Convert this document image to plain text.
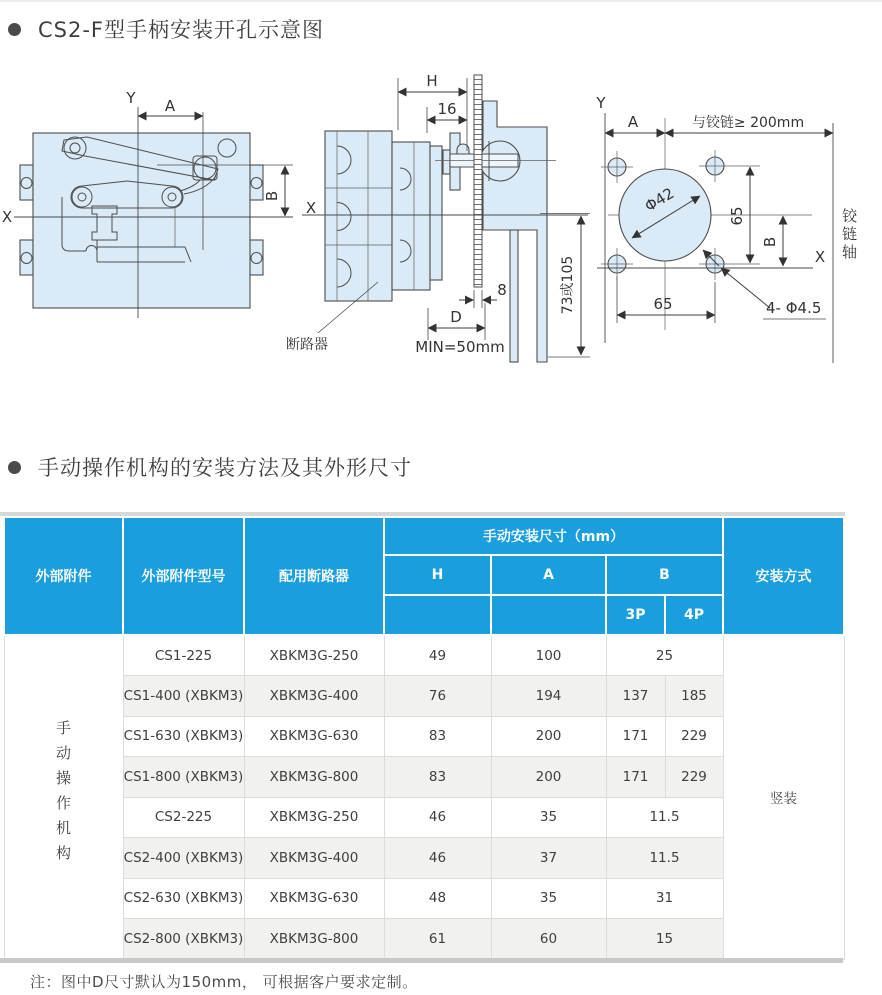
CS2-F型手柄安装开孔示意图
Y
X
A
B
X
H
16
8
D
MIN=50mm
73或105
断路器
Y
A	与铰链≥ 200mm
Φ42
65
B
X
65	4- Φ4.5
铰链轴
手动操作机构的安装方法及其外形尺寸
外部附件	外部附件型号	配用断路器	手动安装尺寸（mm）				安装方式
			H	A	B		
					3P	4P	
手动操作机构	CS1-225	XBKM3G-250	49	100	25		竖装
	CS1-400 (XBKM3)	XBKM3G-400	76	194	137	185	
	CS1-630 (XBKM3)	XBKM3G-630	83	200	171	229	
	CS1-800 (XBKM3)	XBKM3G-800	83	200	171	229	
	CS2-225	XBKM3G-250	46	35	11.5		
	CS2-400 (XBKM3)	XBKM3G-400	46	37	11.5		
	CS2-630 (XBKM3)	XBKM3G-630	48	35	31		
	CS2-800 (XBKM3)	XBKM3G-800	61	60	15		
注：图中D尺寸默认为150mm， 可根据客户要求定制。
